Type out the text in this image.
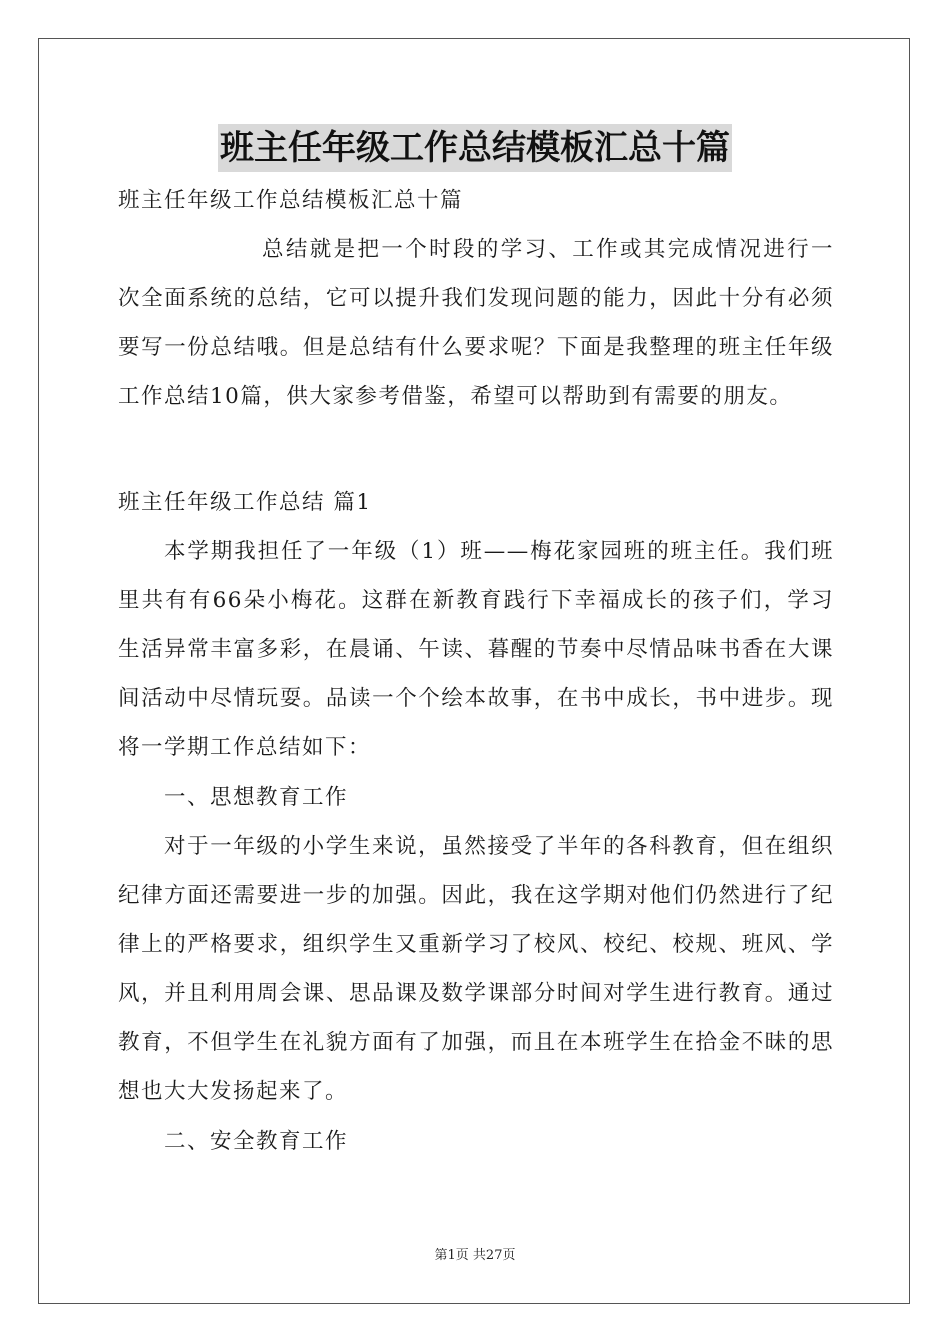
班主任年级工作总结模板汇总十篇

班主任年级工作总结模板汇总十篇

总结就是把一个时段的学习、工作或其完成情况进行一次全面系统的总结，它可以提升我们发现问题的能力，因此十分有必须要写一份总结哦。但是总结有什么要求呢？下面是我整理的班主任年级工作总结10篇，供大家参考借鉴，希望可以帮助到有需要的朋友。

班主任年级工作总结 篇1

本学期我担任了一年级（1）班——梅花家园班的班主任。我们班里共有有66朵小梅花。这群在新教育践行下幸福成长的孩子们，学习生活异常丰富多彩，在晨诵、午读、暮醒的节奏中尽情品味书香在大课间活动中尽情玩耍。品读一个个绘本故事，在书中成长，书中进步。现将一学期工作总结如下：

一、思想教育工作

对于一年级的小学生来说，虽然接受了半年的各科教育，但在组织纪律方面还需要进一步的加强。因此，我在这学期对他们仍然进行了纪律上的严格要求，组织学生又重新学习了校风、校纪、校规、班风、学风，并且利用周会课、思品课及数学课部分时间对学生进行教育。通过教育，不但学生在礼貌方面有了加强，而且在本班学生在拾金不昧的思想也大大发扬起来了。

二、安全教育工作

第1页 共27页
